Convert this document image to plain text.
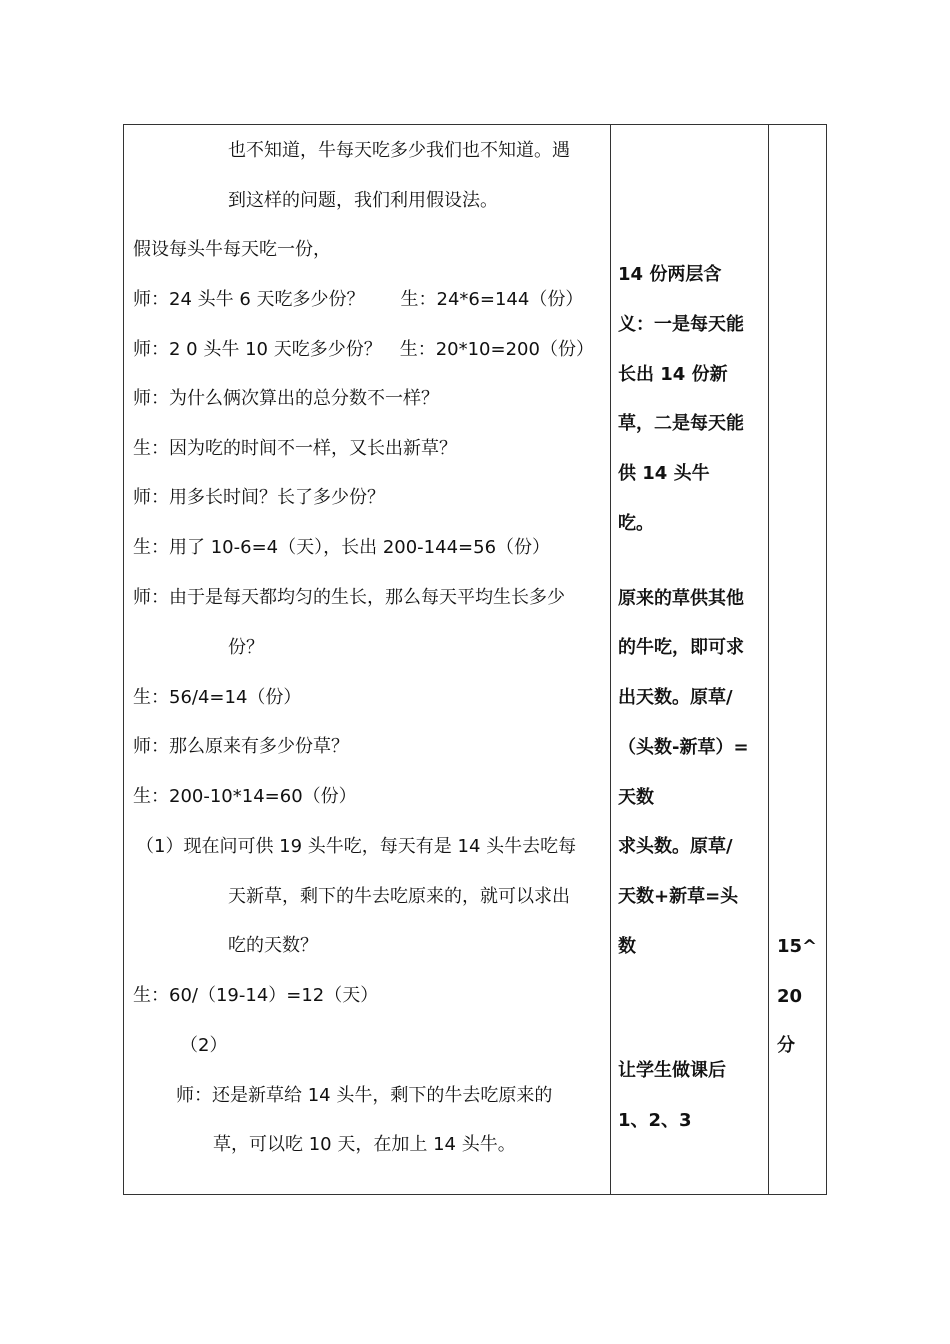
也不知道，牛每天吃多少我们也不知道。遇
到这样的问题，我们利用假设法。
假设每头牛每天吃一份，
师：24 头牛 6 天吃多少份？　　生：24*6=144（份）
师：2 0 头牛 10 天吃多少份？　生：20*10=200（份）
师：为什么俩次算出的总分数不一样？
生：因为吃的时间不一样，又长出新草？
师：用多长时间？长了多少份？
生：用了 10-6=4（天），长出 200-144=56（份）
师：由于是每天都均匀的生长，那么每天平均生长多少
份？
生：56/4=14（份）
师：那么原来有多少份草？
生：200-10*14=60（份）
（1）现在问可供 19 头牛吃，每天有是 14 头牛去吃每
天新草，剩下的牛去吃原来的，就可以求出
吃的天数？
生：60/（19-14）=12（天）
（2）
师：还是新草给 14 头牛，剩下的牛去吃原来的
草，可以吃 10 天，在加上 14 头牛。
14 份两层含
义：一是每天能
长出 14 份新
草，二是每天能
供 14 头牛
吃。
原来的草供其他
的牛吃，即可求
出天数。原草/
（头数-新草）=
天数
求头数。原草/
天数+新草=头
数
让学生做课后
1、2、3
15^
20
分
